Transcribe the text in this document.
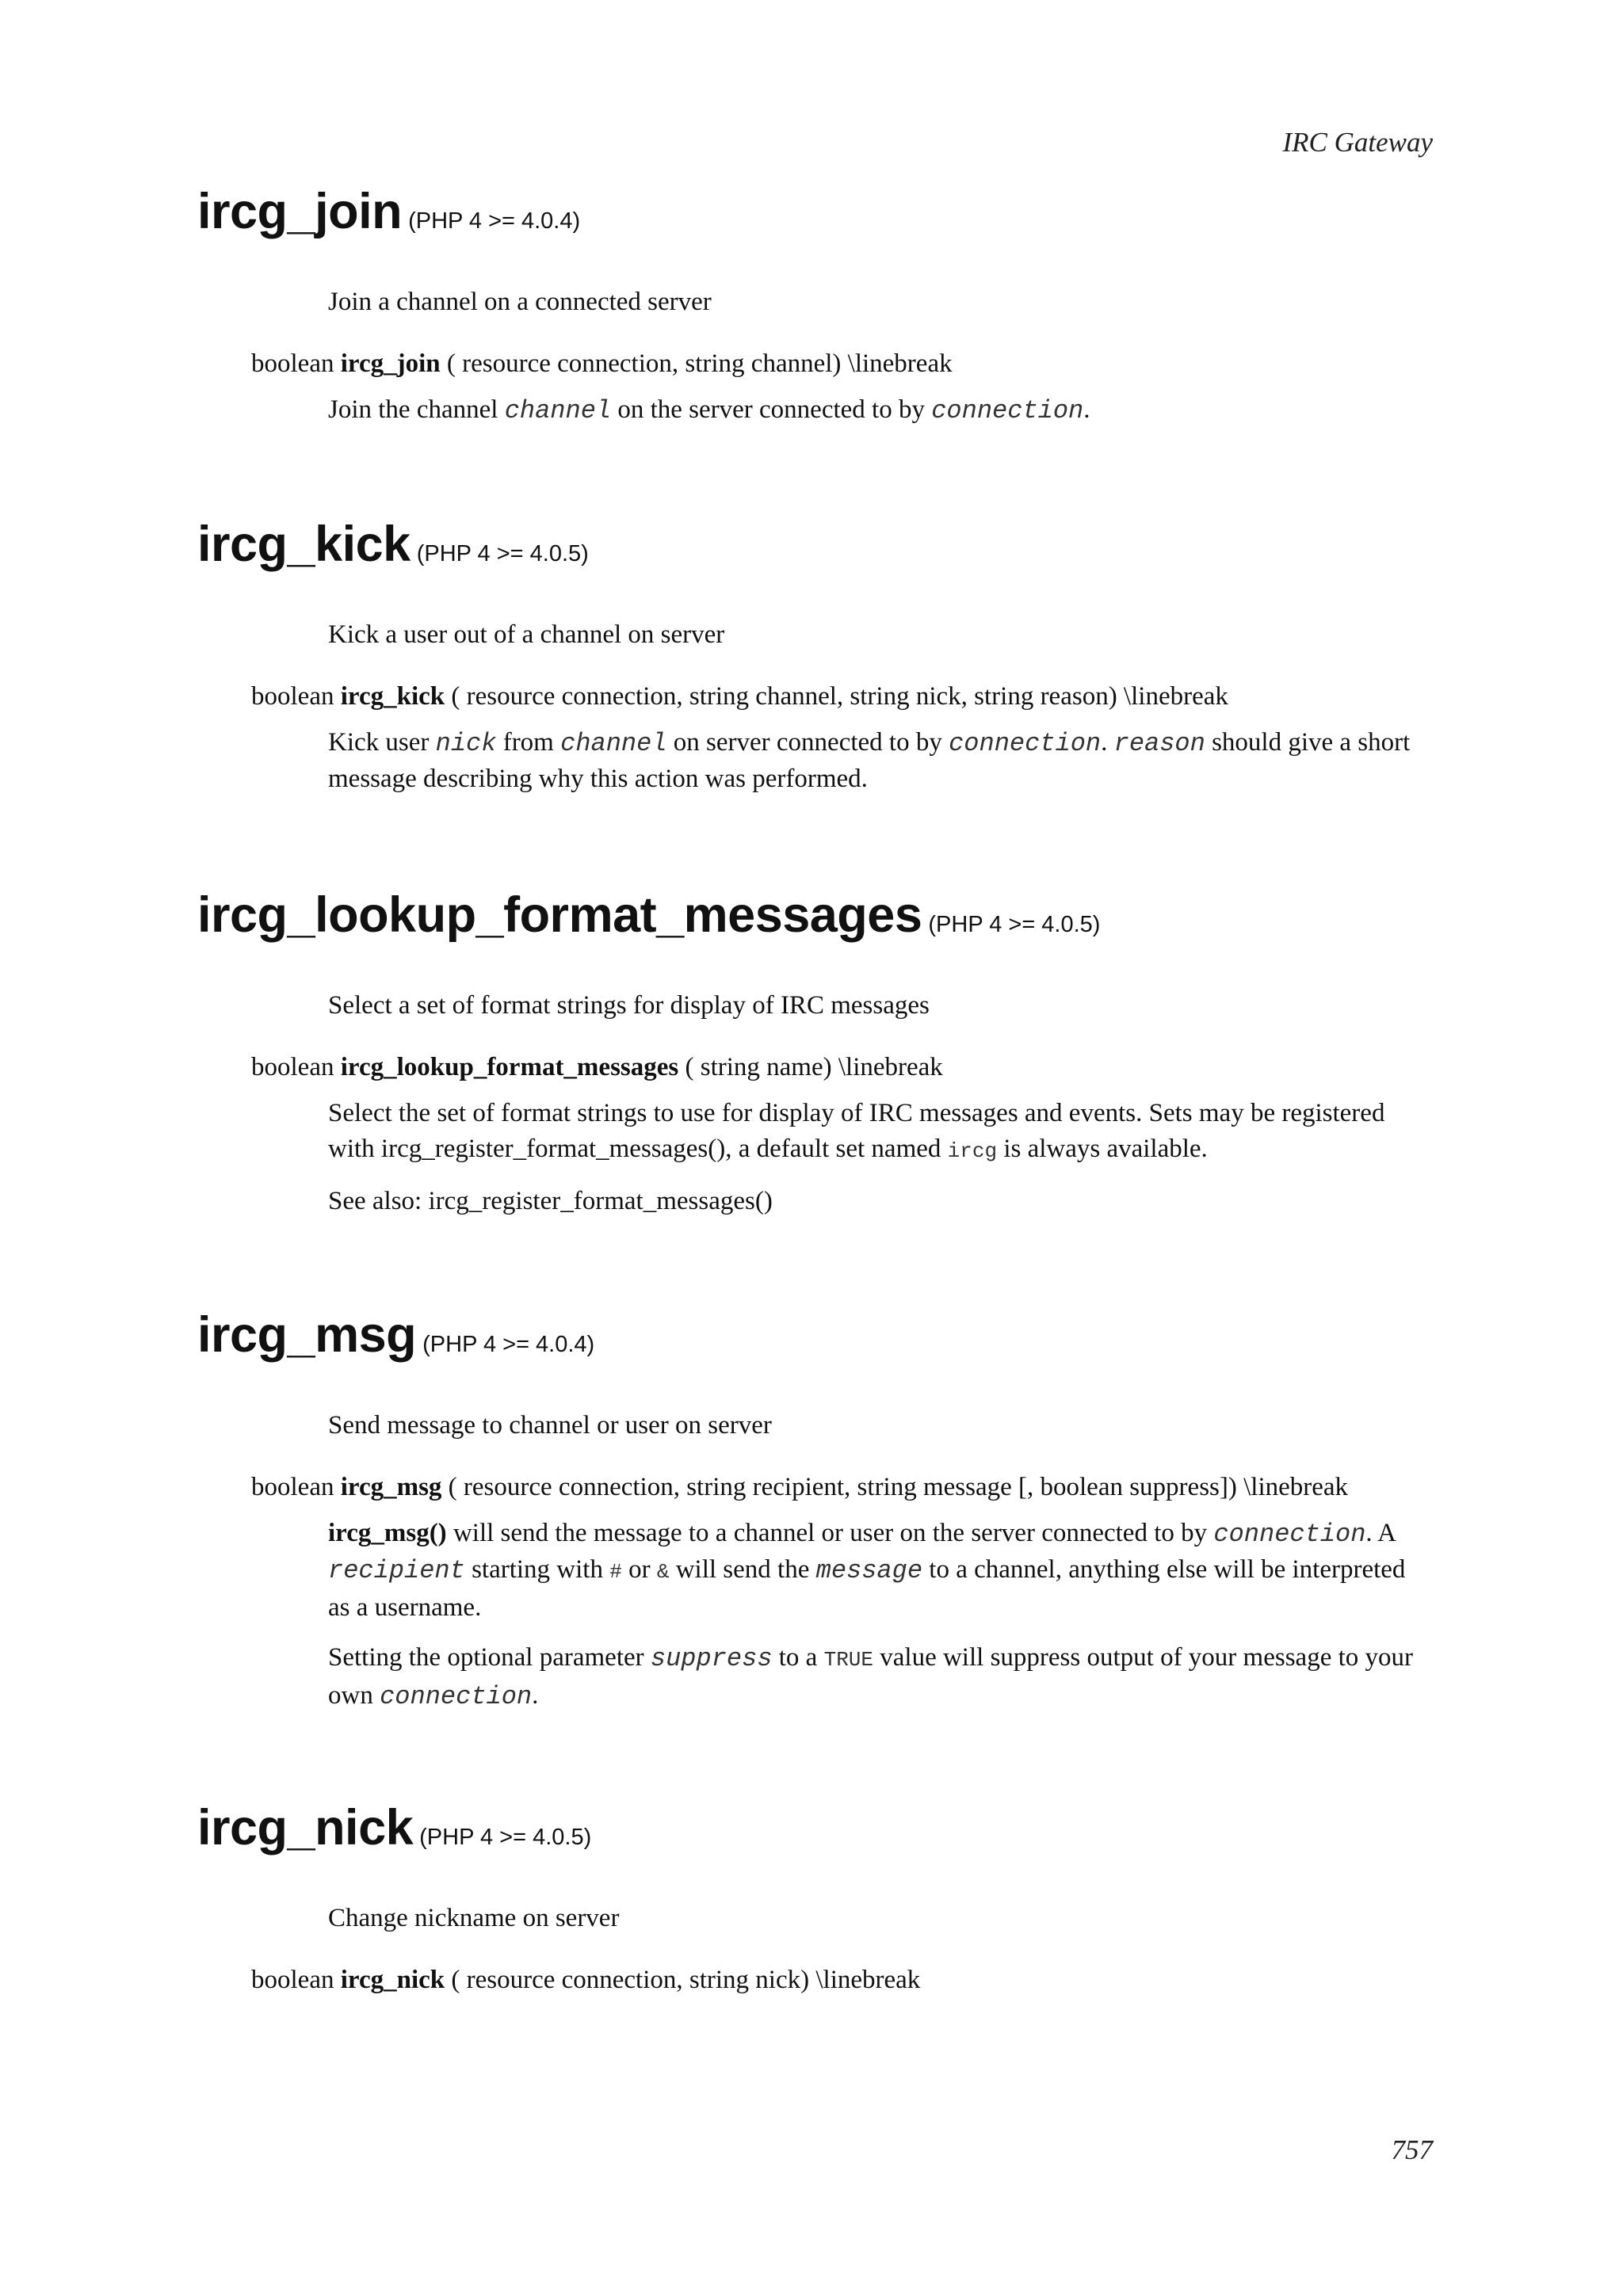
IRC Gateway
ircg_join (PHP 4 >= 4.0.4)
Join a channel on a connected server
boolean ircg_join ( resource connection, string channel) \linebreak
Join the channel channel on the server connected to by connection.
ircg_kick (PHP 4 >= 4.0.5)
Kick a user out of a channel on server
boolean ircg_kick ( resource connection, string channel, string nick, string reason) \linebreak
Kick user nick from channel on server connected to by connection. reason should give a short message describing why this action was performed.
ircg_lookup_format_messages (PHP 4 >= 4.0.5)
Select a set of format strings for display of IRC messages
boolean ircg_lookup_format_messages ( string name) \linebreak
Select the set of format strings to use for display of IRC messages and events. Sets may be registered with ircg_register_format_messages(), a default set named ircg is always available.
See also: ircg_register_format_messages()
ircg_msg (PHP 4 >= 4.0.4)
Send message to channel or user on server
boolean ircg_msg ( resource connection, string recipient, string message [, boolean suppress]) \linebreak
ircg_msg() will send the message to a channel or user on the server connected to by connection. A recipient starting with # or & will send the message to a channel, anything else will be interpreted as a username.
Setting the optional parameter suppress to a TRUE value will suppress output of your message to your own connection.
ircg_nick (PHP 4 >= 4.0.5)
Change nickname on server
boolean ircg_nick ( resource connection, string nick) \linebreak
757
